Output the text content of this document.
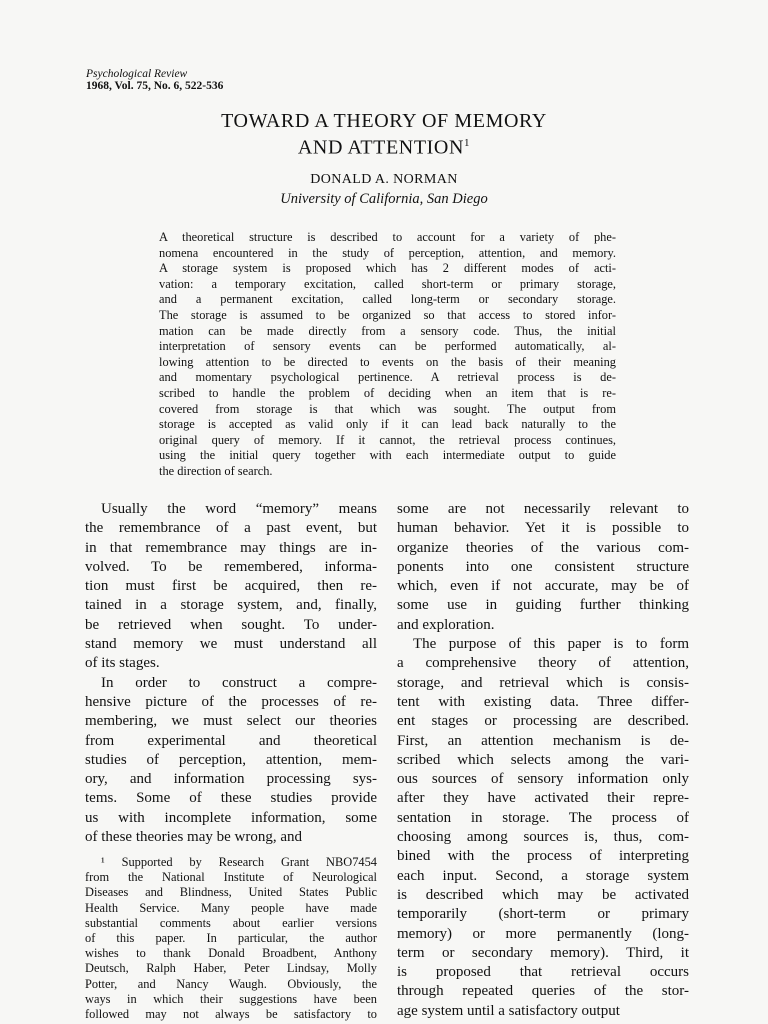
Psychological Review
1968, Vol. 75, No. 6, 522-536
TOWARD A THEORY OF MEMORY
AND ATTENTION$^1$
DONALD A. NORMAN
University of California, San Diego
A theoretical structure is described to account for a variety of phe-
nomena encountered in the study of perception, attention, and memory.
A storage system is proposed which has 2 different modes of acti-
vation: a temporary excitation, called short-term or primary storage,
and a permanent excitation, called long-term or secondary storage.
The storage is assumed to be organized so that access to stored infor-
mation can be made directly from a sensory code. Thus, the initial
interpretation of sensory events can be performed automatically, al-
lowing attention to be directed to events on the basis of their meaning
and momentary psychological pertinence. A retrieval process is de-
scribed to handle the problem of deciding when an item that is re-
covered from storage is that which was sought. The output from
storage is accepted as valid only if it can lead back naturally to the
original query of memory. If it cannot, the retrieval process continues,
using the initial query together with each intermediate output to guide
the direction of search.
Usually the word “memory” means
the remembrance of a past event, but
in that remembrance may things are in-
volved. To be remembered, informa-
tion must first be acquired, then re-
tained in a storage system, and, finally,
be retrieved when sought. To under-
stand memory we must understand all
of its stages.
In order to construct a compre-
hensive picture of the processes of re-
membering, we must select our theories
from experimental and theoretical
studies of perception, attention, mem-
ory, and information processing sys-
tems. Some of these studies provide
us with incomplete information, some
of these theories may be wrong, and
¹ Supported by Research Grant NBO7454
from the National Institute of Neurological
Diseases and Blindness, United States Public
Health Service. Many people have made
substantial comments about earlier versions
of this paper. In particular, the author
wishes to thank Donald Broadbent, Anthony
Deutsch, Ralph Haber, Peter Lindsay, Molly
Potter, and Nancy Waugh. Obviously, the
ways in which their suggestions have been
followed may not always be satisfactory to
some are not necessarily relevant to
human behavior. Yet it is possible to
organize theories of the various com-
ponents into one consistent structure
which, even if not accurate, may be of
some use in guiding further thinking
and exploration.
The purpose of this paper is to form
a comprehensive theory of attention,
storage, and retrieval which is consis-
tent with existing data. Three differ-
ent stages or processing are described.
First, an attention mechanism is de-
scribed which selects among the vari-
ous sources of sensory information only
after they have activated their repre-
sentation in storage. The process of
choosing among sources is, thus, com-
bined with the process of interpreting
each input. Second, a storage system
is described which may be activated
temporarily (short-term or primary
memory) or more permanently (long-
term or secondary memory). Third, it
is proposed that retrieval occurs
through repeated queries of the stor-
age system until a satisfactory output
